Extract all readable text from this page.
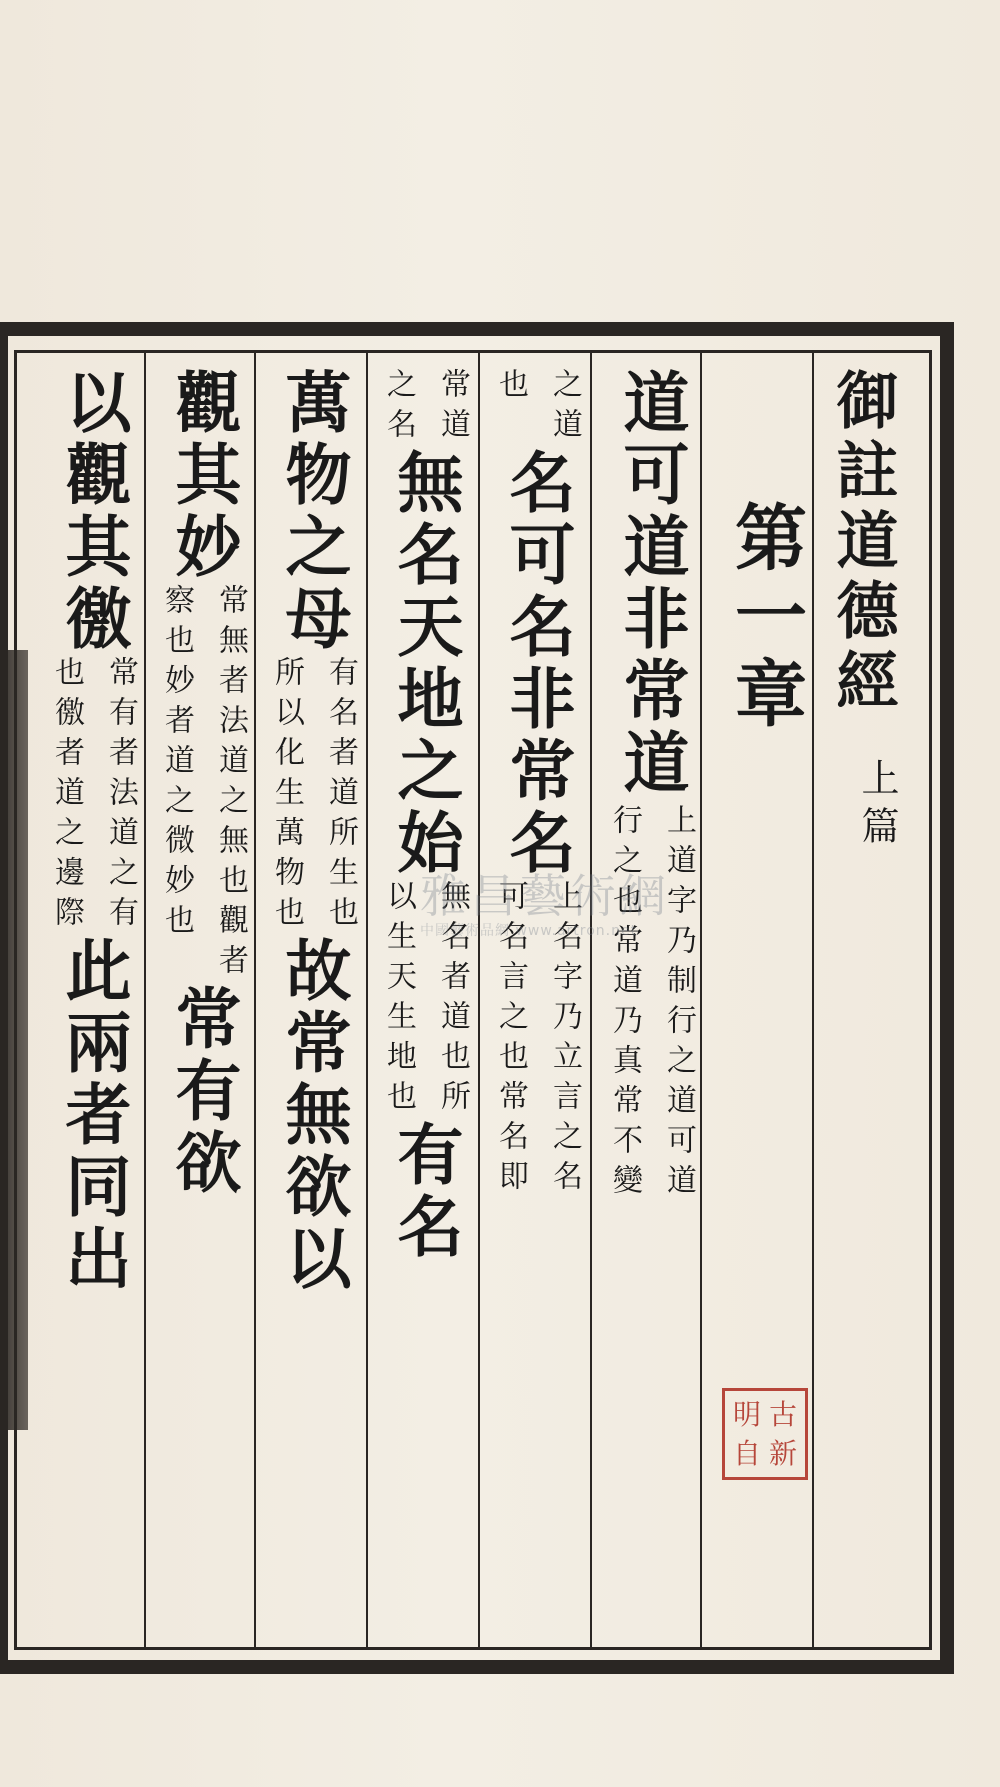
御註道德經
上篇
第一章
道可道非常道
上道字乃制行之道可道
行之也常道乃真常不變
之道
也
名可名非常名
上名字乃立言之名
可名言之也常名即
常道
之名
無名天地之始
無名者道也所
以生天生地也
有名
萬物之母
有名者道所生也
所以化生萬物也
故常無欲以
觀其妙
常無者法道之無也觀者
察也妙者道之微妙也
常有欲
以觀其徼
常有者法道之有
也徼者道之邊際
此兩者同出
明 古
自 新
雅昌藝術網
中國藝術品網 www.artron.net
